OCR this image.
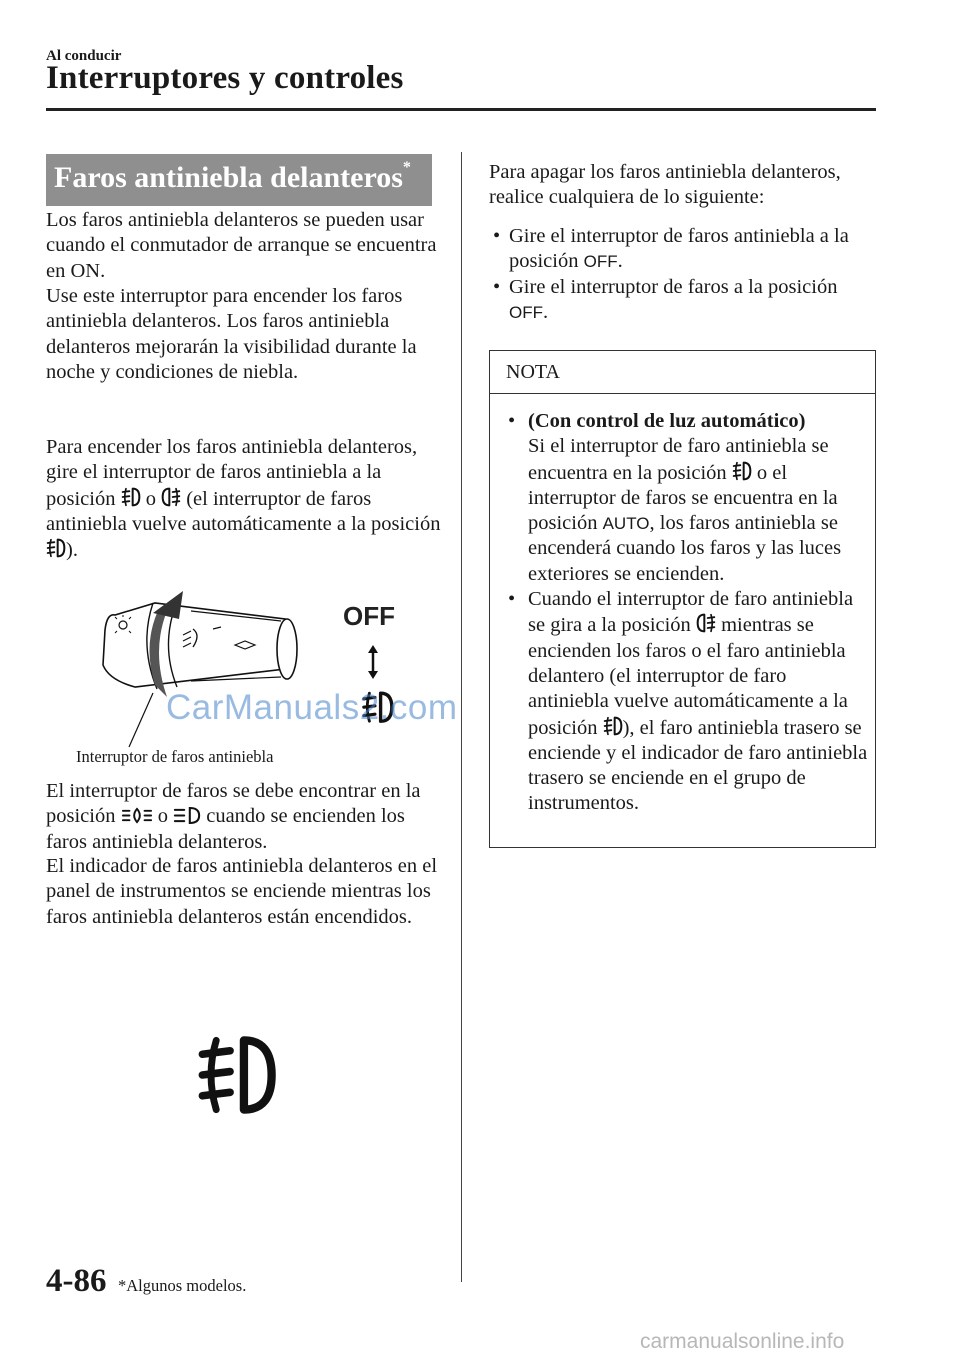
Al conducir
Interruptores y controles
Faros antiniebla delanteros*
Los faros antiniebla delanteros se pueden usar cuando el conmutador de arranque se encuentra en ON.
Use este interruptor para encender los faros antiniebla delanteros. Los faros antiniebla delanteros mejorarán la visibilidad durante la noche y condiciones de niebla.
Para encender los faros antiniebla delanteros, gire el interruptor de faros antiniebla a la posición o (el interruptor de faros antiniebla vuelve automáticamente a la posición ).
OFF
CarManuals2.com
Interruptor de faros antiniebla
El interruptor de faros se debe encontrar en la posición o cuando se encienden los faros antiniebla delanteros.
El indicador de faros antiniebla delanteros en el panel de instrumentos se enciende mientras los faros antiniebla delanteros están encendidos.
Para apagar los faros antiniebla delanteros, realice cualquiera de lo siguiente:
• Gire el interruptor de faros antiniebla a la posición OFF.
• Gire el interruptor de faros a la posición OFF.
NOTA
• (Con control de luz automático)
Si el interruptor de faro antiniebla se encuentra en la posición o el interruptor de faros se encuentra en la posición AUTO, los faros antiniebla se encenderá cuando los faros y las luces exteriores se encienden.
• Cuando el interruptor de faro antiniebla se gira a la posición mientras se encienden los faros o el faro antiniebla delantero (el interruptor de faro antiniebla vuelve automáticamente a la posición ), el faro antiniebla trasero se enciende y el indicador de faro antiniebla trasero se enciende en el grupo de instrumentos.
4-86 *Algunos modelos.
carmanualsonline.info
